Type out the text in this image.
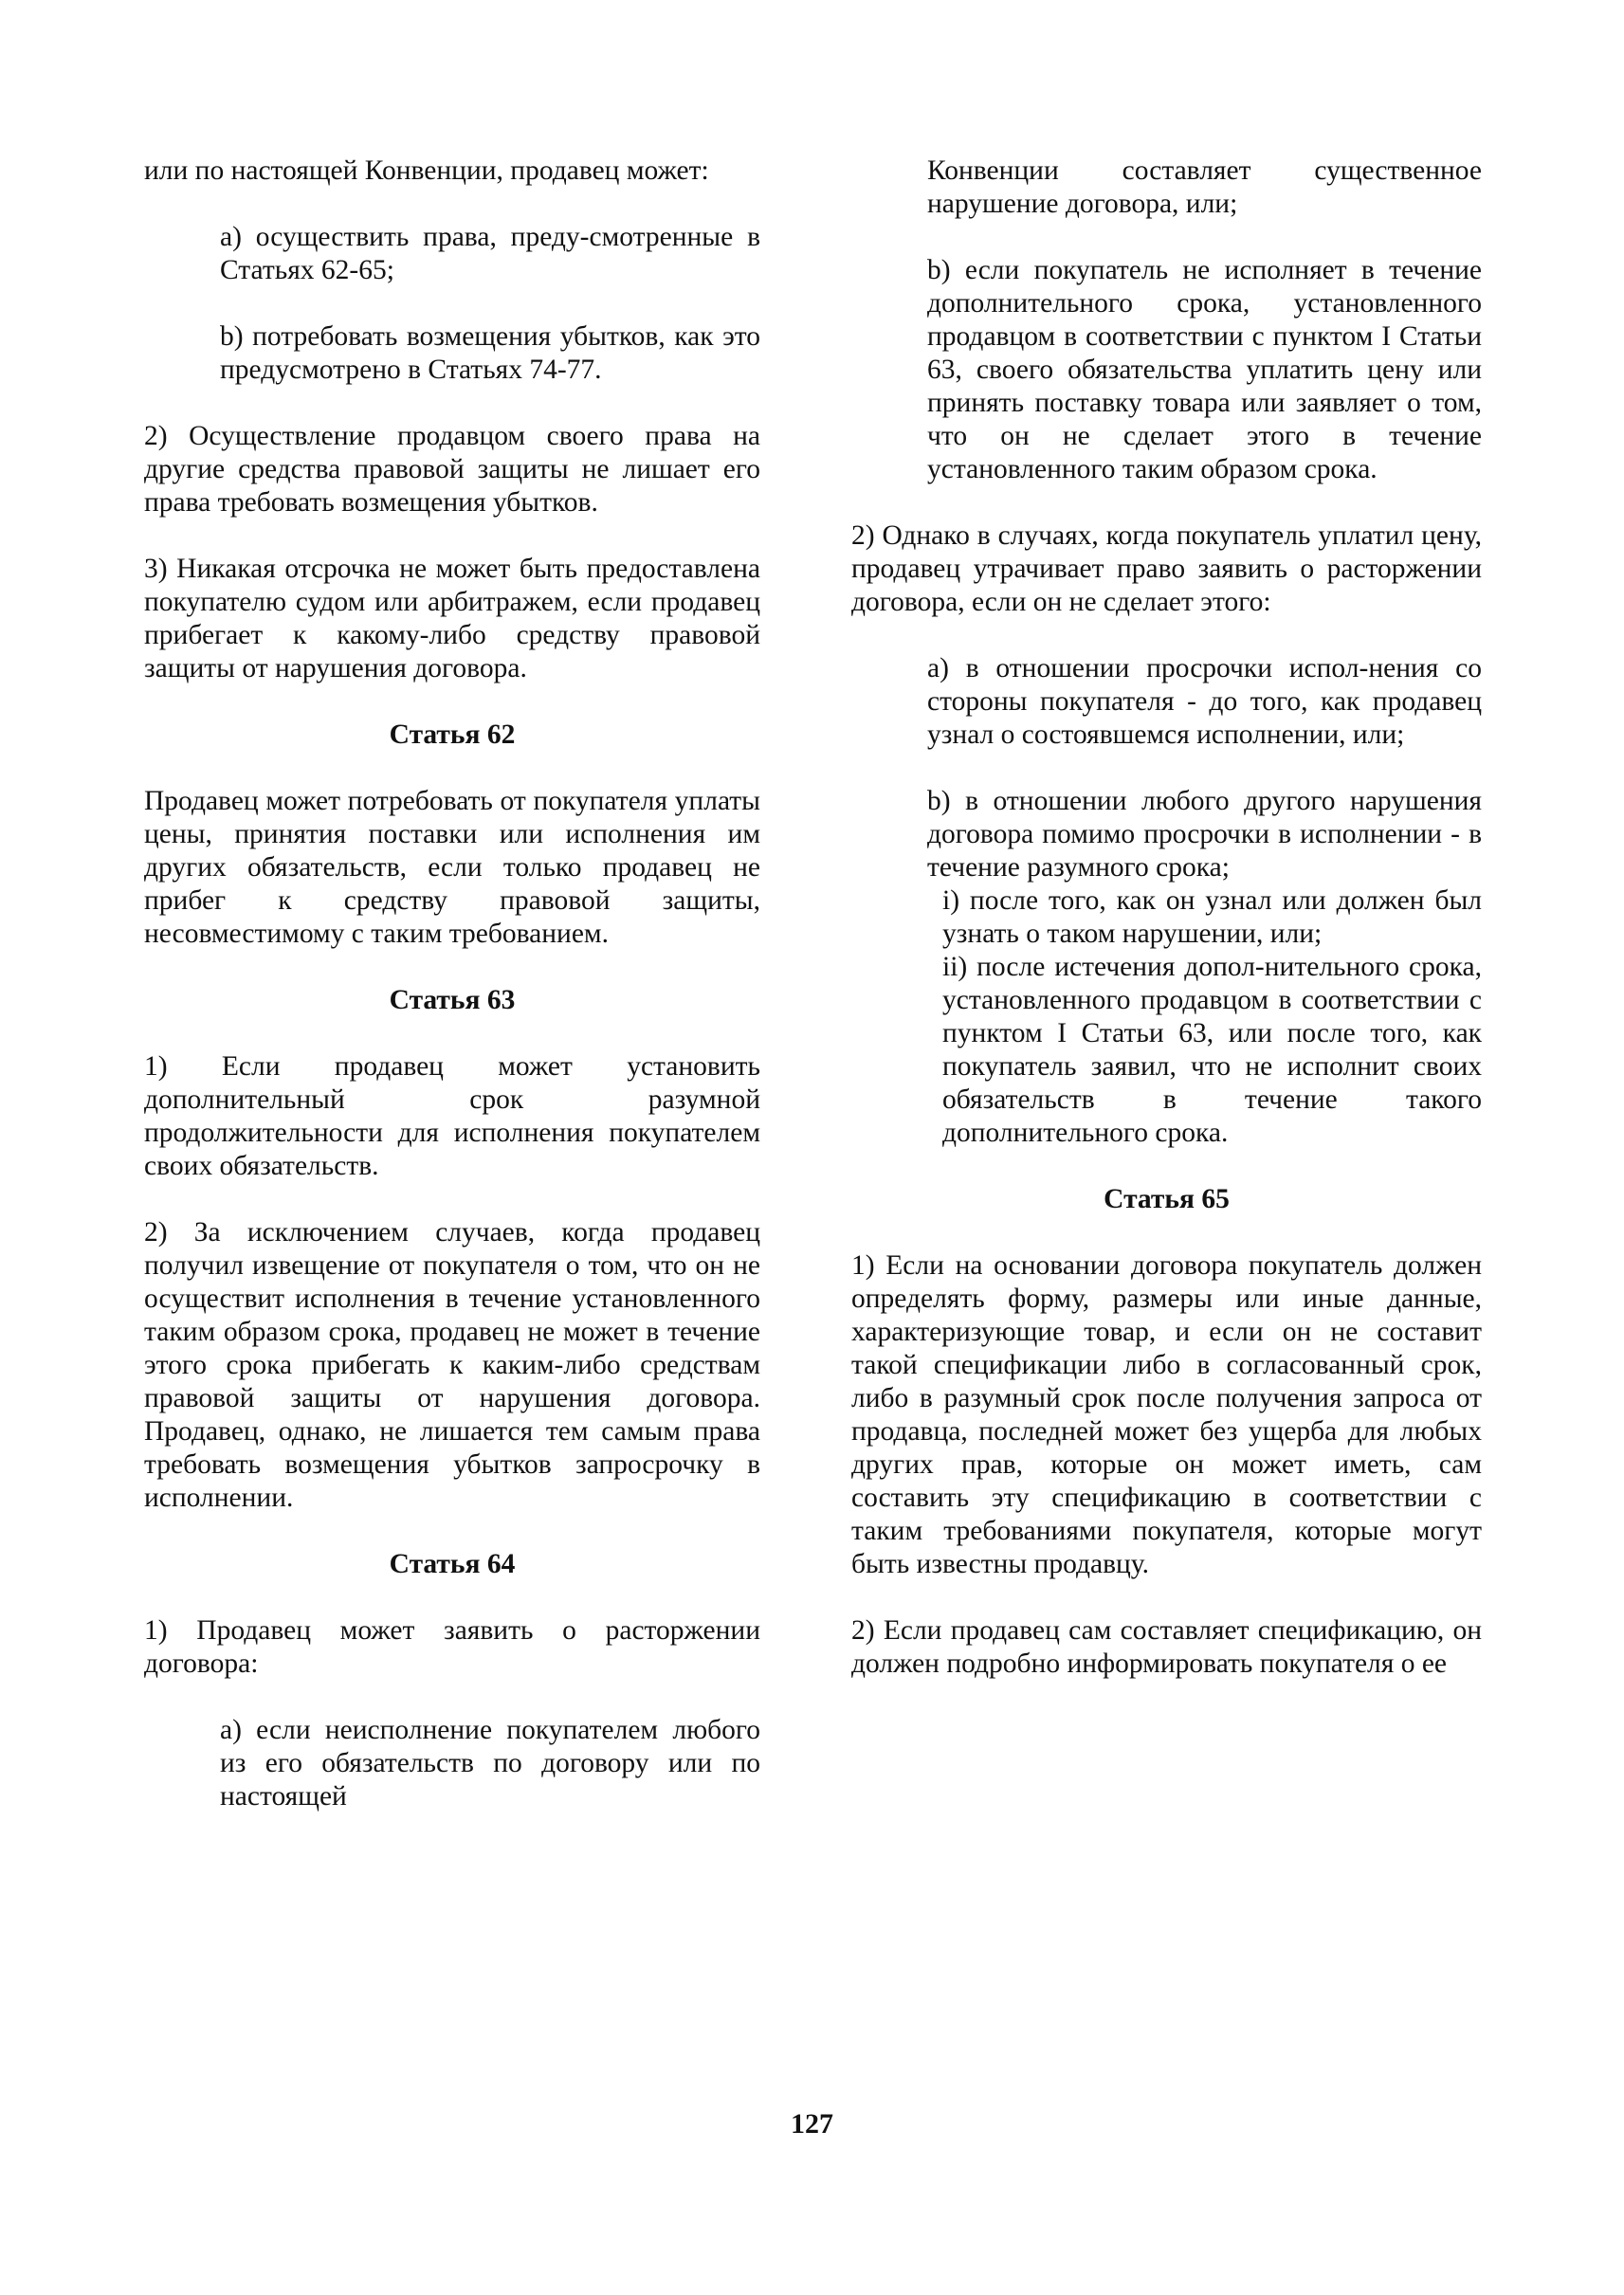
или по настоящей Конвенции, продавец может:

а) осуществить права, преду-смотренные в Статьях 62-65;

b) потребовать возмещения убытков, как это предусмотрено в Статьях 74-77.

2) Осуществление продавцом своего права на другие средства правовой защиты не лишает его права требовать возмещения убытков.

3) Никакая отсрочка не может быть предоставлена покупателю судом или арбитражем, если продавец прибегает к какому-либо средству правовой защиты от нарушения договора.

Статья 62

Продавец может потребовать от покупателя уплаты цены, принятия поставки или исполнения им других обязательств, если только продавец не прибег к средству правовой защиты, несовместимому с таким требованием.

Статья 63

1) Если продавец может установить дополнительный срок разумной продолжительности для исполнения покупателем своих обязательств.

2) За исключением случаев, когда продавец получил извещение от покупателя о том, что он не осуществит исполнения в течение установленного таким образом срока, продавец не может в течение этого срока прибегать к каким-либо средствам правовой защиты от нарушения договора. Продавец, однако, не лишается тем самым права требовать возмещения убытков запросрочку в исполнении.

Статья 64

1) Продавец может заявить о расторжении договора:

а) если неисполнение покупателем любого из его обязательств по договору или по настоящей

Конвенции составляет существенное нарушение договора, или;

b) если покупатель не исполняет в течение дополнительного срока, установленного продавцом в соответствии с пунктом I Статьи 63, своего обязательства уплатить цену или принять поставку товара или заявляет о том, что он не сделает этого в течение установленного таким образом срока.

2) Однако в случаях, когда покупатель уплатил цену, продавец утрачивает право заявить о расторжении договора, если он не сделает этого:

а) в отношении просрочки испол-нения со стороны покупателя - до того, как продавец узнал о состоявшемся исполнении, или;

b) в отношении любого другого нарушения договора помимо просрочки в исполнении - в течение разумного срока;

i) после того, как он узнал или должен был узнать о таком нарушении, или;

ii) после истечения допол-нительного срока, установленного продавцом в соответствии с пунктом I Статьи 63, или после того, как покупатель заявил, что не исполнит своих обязательств в течение такого дополнительного срока.

Статья 65

1) Если на основании договора покупатель должен определять форму, размеры или иные данные, характеризующие товар, и если он не составит такой спецификации либо в согласованный срок, либо в разумный срок после получения запроса от продавца, последней может без ущерба для любых других прав, которые он может иметь, сам составить эту спецификацию в соответствии с таким требованиями покупателя, которые могут быть известны продавцу.

2) Если продавец сам составляет спецификацию, он должен подробно информировать покупателя о ее

127
